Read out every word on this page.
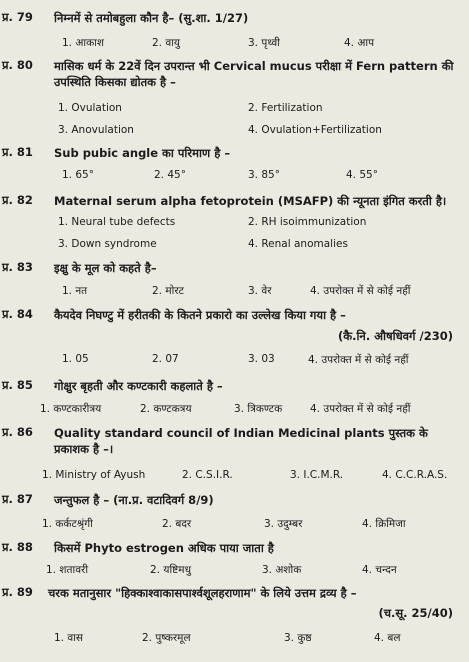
प्र. 79 निम्नमें से तमोबहुला कौन है– (सु.शा. 1/27)
1. आकाश	2. वायु	3. पृथ्वी	4. आप
प्र. 80 मासिक धर्म के 22वें दिन उपरान्त भी Cervical mucus परीक्षा में Fern pattern की उपस्थिति किसका द्योतक है –
1. Ovulation	2. Fertilization
3. Anovulation	4. Ovulation+Fertilization
प्र. 81 Sub pubic angle का परिमाण है –
1. 65°	2. 45°	3. 85°	4. 55°
प्र. 82 Maternal serum alpha fetoprotein (MSAFP) की न्यूनता इंगित करती है।
1. Neural tube defects	2. RH isoimmunization
3. Down syndrome	4. Renal anomalies
प्र. 83 इक्षु के मूल को कहते है–
1. नत	2. मोरट	3. वेर	4. उपरोक्त में से कोई नहीं
प्र. 84 कैयदेव निघण्टु में हरीतकी के कितने प्रकारो का उल्लेख किया गया है –
(कै.नि. औषधिवर्ग /230)
1. 05	2. 07	3. 03	4. उपरोक्त में से कोई नहीं
प्र. 85 गोक्षुर बृहती और कण्टकारी कहलाते है –
1. कण्टकारीत्रय	2. कण्टकत्रय	3. त्रिकण्टक	4. उपरोक्त में से कोई नहीं
प्र. 86 Quality standard council of Indian Medicinal plants पुस्तक के प्रकाशक है –।
1. Ministry of Ayush	2. C.S.I.R.	3. I.C.M.R.	4. C.C.R.A.S.
प्र. 87 जन्तुफल है – (ना.प्र. वटादिवर्ग 8/9)
1. कर्कटश्रृंगी	2. बदर	3. उदुम्बर	4. क्रिमिजा
प्र. 88 किसमें Phyto estrogen अधिक पाया जाता है
1. शतावरी	2. यष्टिमधु	3. अशोक	4. चन्दन
प्र. 89 चरक मतानुसार "हिक्काश्वाकासपार्श्वशूलहराणाम" के लिये उत्तम द्रव्य है –
(च.सू. 25/40)
1. वास	2. पुष्करमूल	3. कुष्ठ	4. बल
